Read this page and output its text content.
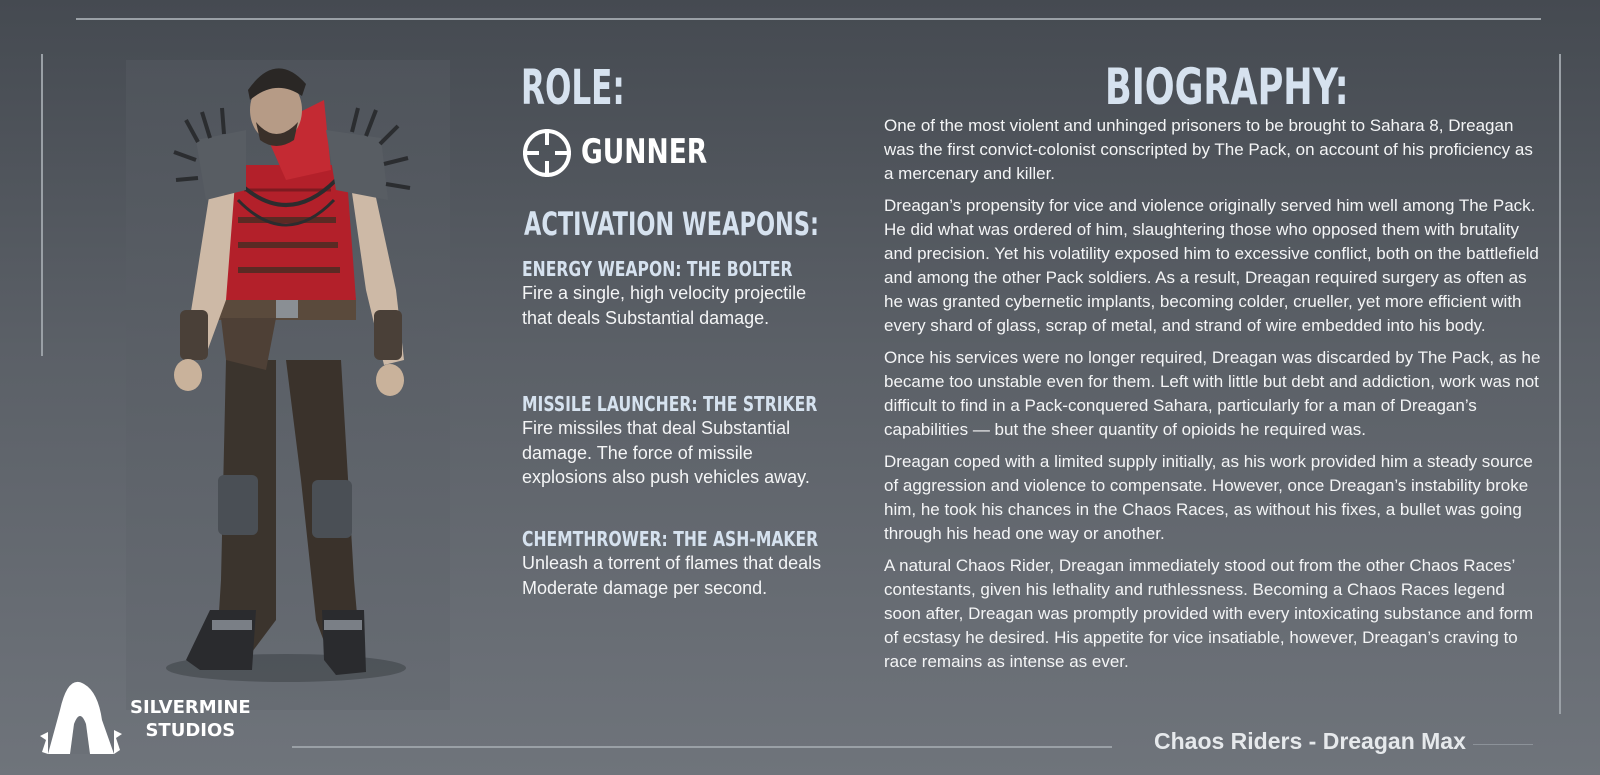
SILVERMINE
STUDIOS
ROLE:
GUNNER
ACTIVATION WEAPONS:
ENERGY WEAPON: THE BOLTER
Fire a single, high velocity projectile that deals Substantial damage.
MISSILE LAUNCHER: THE STRIKER
Fire missiles that deal Substantial damage. The force of missile explosions also push vehicles away.
CHEMTHROWER: THE ASH-MAKER
Unleash a torrent of flames that deals Moderate damage per second.
BIOGRAPHY:

One of the most violent and unhinged prisoners to be brought to Sahara 8, Dreagan was the first convict-colonist conscripted by The Pack, on account of his proficiency as a mercenary and killer.

Dreagan’s propensity for vice and violence originally served him well among The Pack. He did what was ordered of him, slaughtering those who opposed them with brutality and precision. Yet his volatility exposed him to excessive conflict, both on the battlefield and among the other Pack soldiers. As a result, Dreagan required surgery as often as he was granted cybernetic implants, becoming colder, crueller, yet more efficient with every shard of glass, scrap of metal, and strand of wire embedded into his body.

Once his services were no longer required, Dreagan was discarded by The Pack, as he became too unstable even for them. Left with little but debt and addiction, work was not difficult to find in a Pack-conquered Sahara, particularly for a man of Dreagan’s capabilities — but the sheer quantity of opioids he required was.

Dreagan coped with a limited supply initially, as his work provided him a steady source of aggression and violence to compensate. However, once Dreagan’s instability broke him, he took his chances in the Chaos Races, as without his fixes, a bullet was going through his head one way or another.

A natural Chaos Rider, Dreagan immediately stood out from the other Chaos Races’ contestants, given his lethality and ruthlessness. Becoming a Chaos Races legend soon after, Dreagan was promptly provided with every intoxicating substance and form of ecstasy he desired. His appetite for vice insatiable, however, Dreagan’s craving to race remains as intense as ever.

Chaos Riders - Dreagan Max
